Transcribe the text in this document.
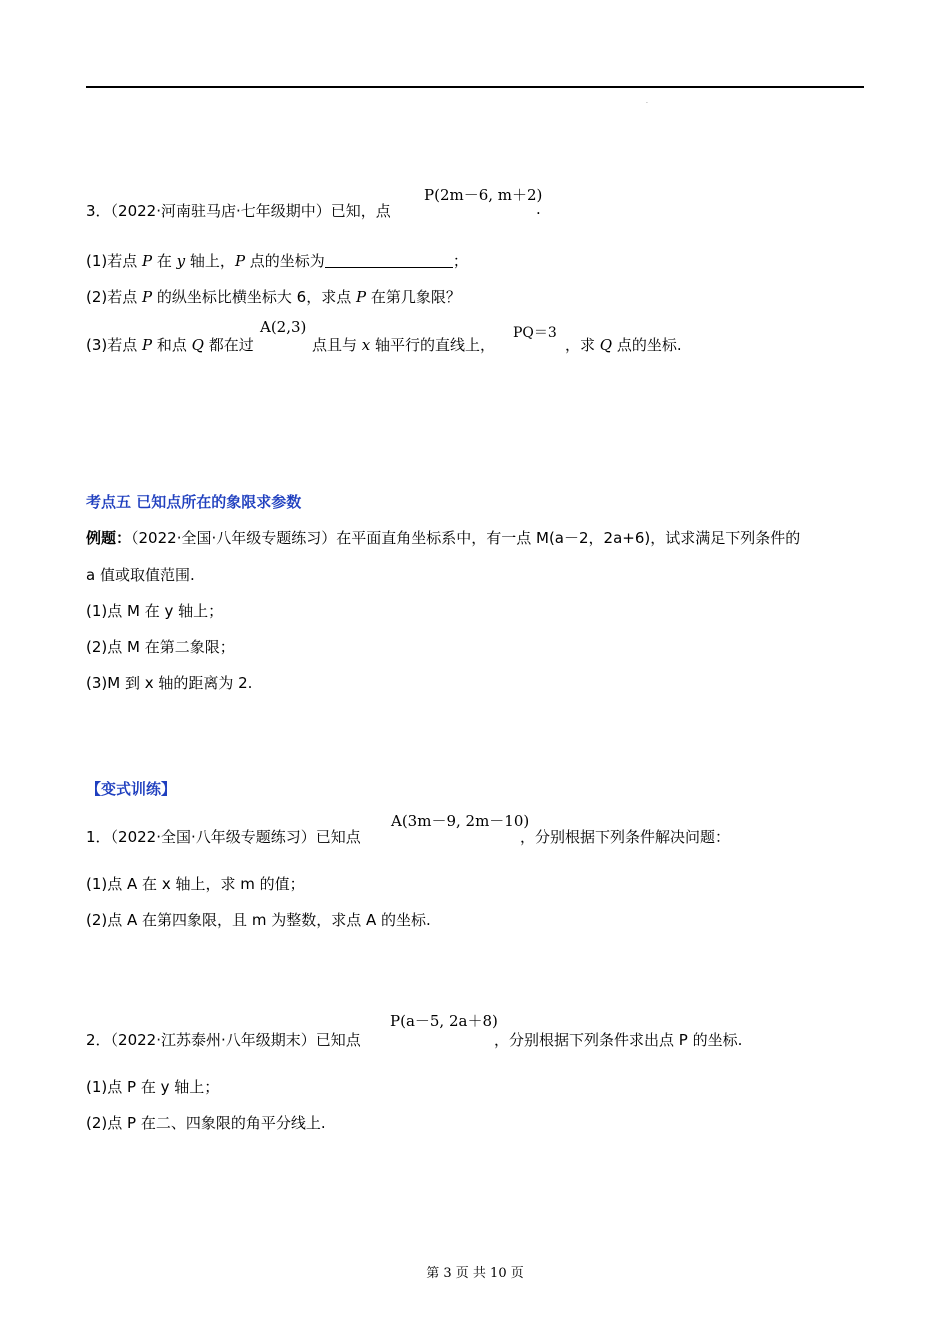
.
P(2m－6, m＋2)
3．（2022·河南驻马店·七年级期中）已知，点	.
(1)若点 P 在 y 轴上，P 点的坐标为	；
(2)若点 P 的纵坐标比横坐标大 6，求点 P 在第几象限？
A(2,3)	PQ＝3
(3)若点 P 和点 Q 都在过	点且与 x 轴平行的直线上，	，求 Q 点的坐标.
考点五 已知点所在的象限求参数
例题：（2022·全国·八年级专题练习）在平面直角坐标系中，有一点 M(a－2，2a+6)，试求满足下列条件的
a 值或取值范围.
(1)点 M 在 y 轴上；
(2)点 M 在第二象限；
(3)M 到 x 轴的距离为 2.
【变式训练】
A(3m－9, 2m－10)
1．（2022·全国·八年级专题练习）已知点	，分别根据下列条件解决问题：
(1)点 A 在 x 轴上，求 m 的值；
(2)点 A 在第四象限，且 m 为整数，求点 A 的坐标.
P(a－5, 2a＋8)
2．（2022·江苏泰州·八年级期末）已知点	，分别根据下列条件求出点 P 的坐标.
(1)点 P 在 y 轴上；
(2)点 P 在二、四象限的角平分线上.
第 3 页 共 10 页
